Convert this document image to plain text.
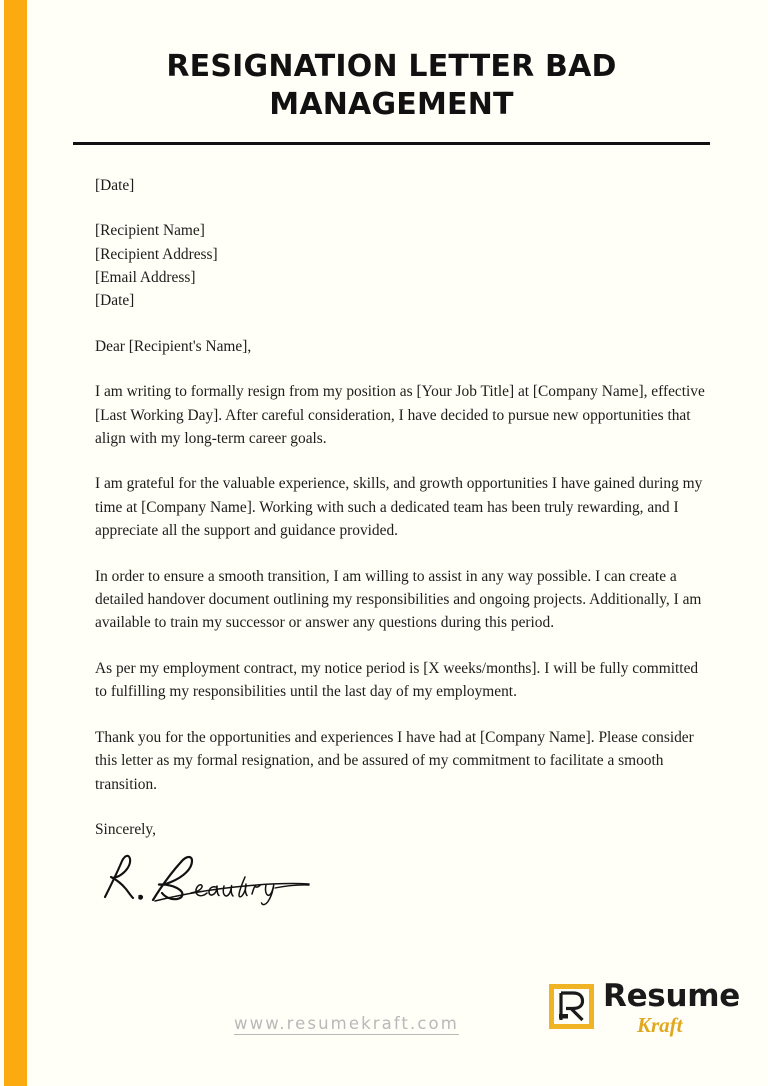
RESIGNATION LETTER BAD MANAGEMENT

[Date]

[Recipient Name]

[Recipient Address]

[Email Address]

[Date]

Dear [Recipient's Name],

I am writing to formally resign from my position as [Your Job Title] at [Company Name], effective [Last Working Day]. After careful consideration, I have decided to pursue new opportunities that align with my long-term career goals.

I am grateful for the valuable experience, skills, and growth opportunities I have gained during my time at [Company Name]. Working with such a dedicated team has been truly rewarding, and I appreciate all the support and guidance provided.

In order to ensure a smooth transition, I am willing to assist in any way possible. I can create a detailed handover document outlining my responsibilities and ongoing projects. Additionally, I am available to train my successor or answer any questions during this period.

As per my employment contract, my notice period is [X weeks/months]. I will be fully committed to fulfilling my responsibilities until the last day of my employment.

Thank you for the opportunities and experiences I have had at [Company Name]. Please consider this letter as my formal resignation, and be assured of my commitment to facilitate a smooth transition.

Sincerely,

www.resumekraft.com
Resume
Kraft
